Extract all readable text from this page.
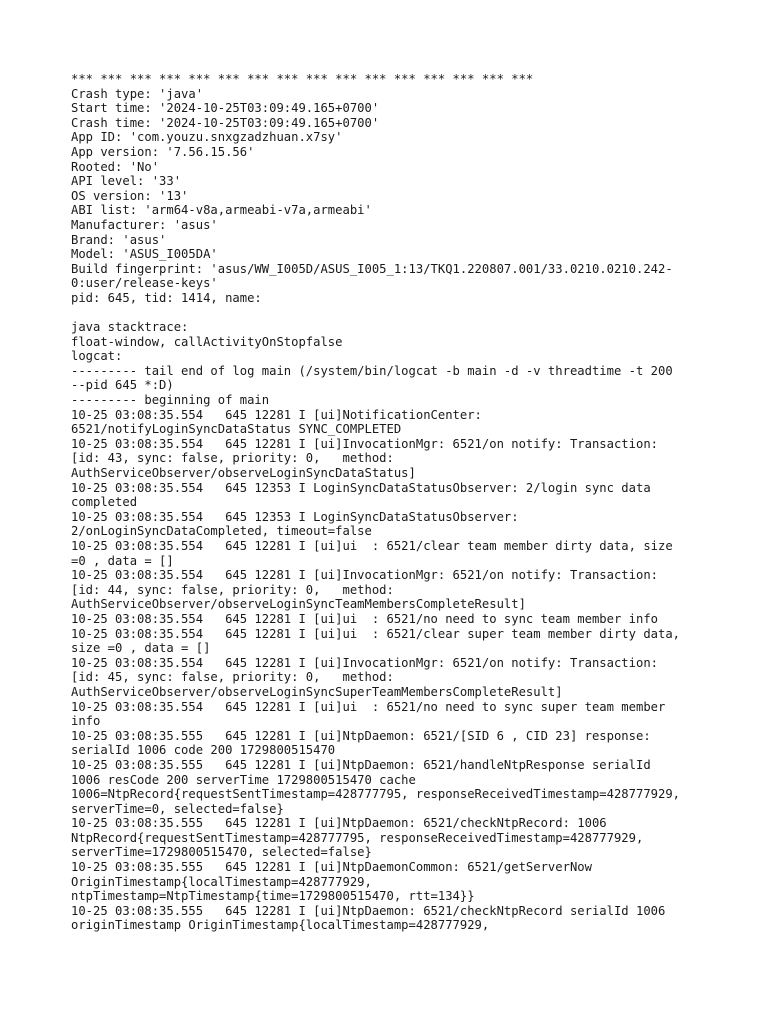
*** *** *** *** *** *** *** *** *** *** *** *** *** *** *** ***
Crash type: 'java'
Start time: '2024-10-25T03:09:49.165+0700'
Crash time: '2024-10-25T03:09:49.165+0700'
App ID: 'com.youzu.snxgzadzhuan.x7sy'
App version: '7.56.15.56'
Rooted: 'No'
API level: '33'
OS version: '13'
ABI list: 'arm64-v8a,armeabi-v7a,armeabi'
Manufacturer: 'asus'
Brand: 'asus'
Model: 'ASUS_I005DA'
Build fingerprint: 'asus/WW_I005D/ASUS_I005_1:13/TKQ1.220807.001/33.0210.0210.242-
0:user/release-keys'
pid: 645, tid: 1414, name:

java stacktrace:
float-window, callActivityOnStopfalse
logcat:
--------- tail end of log main (/system/bin/logcat -b main -d -v threadtime -t 200
--pid 645 *:D)
--------- beginning of main
10-25 03:08:35.554   645 12281 I [ui]NotificationCenter:
6521/notifyLoginSyncDataStatus SYNC_COMPLETED
10-25 03:08:35.554   645 12281 I [ui]InvocationMgr: 6521/on notify: Transaction:
[id: 43, sync: false, priority: 0,   method:
AuthServiceObserver/observeLoginSyncDataStatus]
10-25 03:08:35.554   645 12353 I LoginSyncDataStatusObserver: 2/login sync data
completed
10-25 03:08:35.554   645 12353 I LoginSyncDataStatusObserver:
2/onLoginSyncDataCompleted, timeout=false
10-25 03:08:35.554   645 12281 I [ui]ui  : 6521/clear team member dirty data, size
=0 , data = []
10-25 03:08:35.554   645 12281 I [ui]InvocationMgr: 6521/on notify: Transaction:
[id: 44, sync: false, priority: 0,   method:
AuthServiceObserver/observeLoginSyncTeamMembersCompleteResult]
10-25 03:08:35.554   645 12281 I [ui]ui  : 6521/no need to sync team member info
10-25 03:08:35.554   645 12281 I [ui]ui  : 6521/clear super team member dirty data,
size =0 , data = []
10-25 03:08:35.554   645 12281 I [ui]InvocationMgr: 6521/on notify: Transaction:
[id: 45, sync: false, priority: 0,   method:
AuthServiceObserver/observeLoginSyncSuperTeamMembersCompleteResult]
10-25 03:08:35.554   645 12281 I [ui]ui  : 6521/no need to sync super team member
info
10-25 03:08:35.555   645 12281 I [ui]NtpDaemon: 6521/[SID 6 , CID 23] response:
serialId 1006 code 200 1729800515470
10-25 03:08:35.555   645 12281 I [ui]NtpDaemon: 6521/handleNtpResponse serialId
1006 resCode 200 serverTime 1729800515470 cache
1006=NtpRecord{requestSentTimestamp=428777795, responseReceivedTimestamp=428777929,
serverTime=0, selected=false}
10-25 03:08:35.555   645 12281 I [ui]NtpDaemon: 6521/checkNtpRecord: 1006
NtpRecord{requestSentTimestamp=428777795, responseReceivedTimestamp=428777929,
serverTime=1729800515470, selected=false}
10-25 03:08:35.555   645 12281 I [ui]NtpDaemonCommon: 6521/getServerNow
OriginTimestamp{localTimestamp=428777929,
ntpTimestamp=NtpTimestamp{time=1729800515470, rtt=134}}
10-25 03:08:35.555   645 12281 I [ui]NtpDaemon: 6521/checkNtpRecord serialId 1006
originTimestamp OriginTimestamp{localTimestamp=428777929,
